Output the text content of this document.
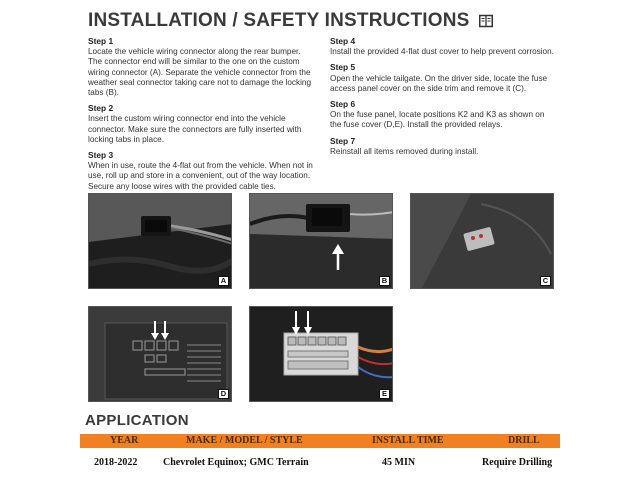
INSTALLATION / SAFETY INSTRUCTIONS
Step 1
Locate the vehicle wiring connector along the rear bumper. The connector end will be similar to the one on the custom wiring connector (A). Separate the vehicle connector from the weather seal connector taking care not to damage the locking tabs (B).
Step 2
Insert the custom wiring connector end into the vehicle connector. Make sure the connectors are fully inserted with locking tabs in place.
Step 3
When in use, route the 4-flat out from the vehicle. When not in use, roll up and store in a convenient, out of the way location. Secure any loose wires with the provided cable ties.
Step 4
Install the provided 4-flat dust cover to help prevent corrosion.
Step 5
Open the vehicle tailgate. On the driver side, locate the fuse access panel cover on the side trim and remove it (C).
Step 6
On the fuse panel, locate positions K2 and K3 as shown on the fuse cover (D,E). Install the provided relays.
Step 7
Reinstall all items removed during install.
A	B	C
D	E
APPLICATION
YEAR	MAKE / MODEL / STYLE	INSTALL TIME	DRILL
2018-2022	Chevrolet Equinox; GMC Terrain	45 MIN	Require Drilling
